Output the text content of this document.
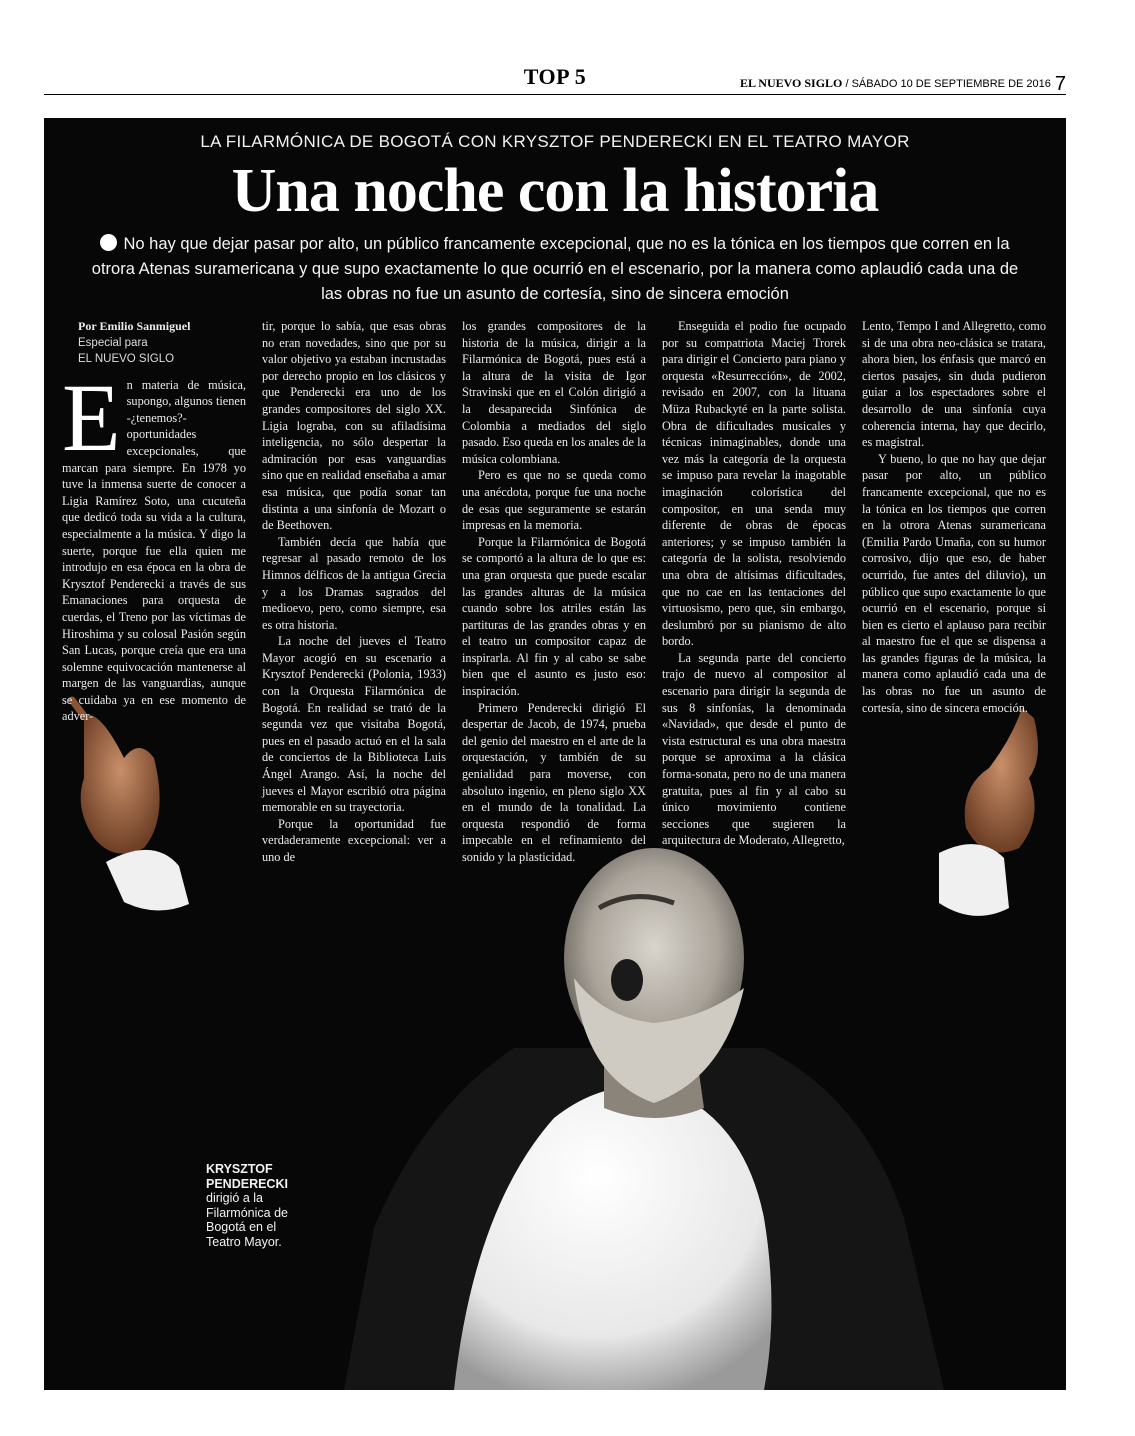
TOP 5	EL NUEVO SIGLO / SÁBADO 10 DE SEPTIEMBRE DE 2016 7
LA FILARMÓNICA DE BOGOTÁ CON KRYSZTOF PENDERECKI EN EL TEATRO MAYOR
Una noche con la historia
No hay que dejar pasar por alto, un público francamente excepcional, que no es la tónica en los tiempos que corren en la otrora Atenas suramericana y que supo exactamente lo que ocurrió en el escenario, por la manera como aplaudió cada una de las obras no fue un asunto de cortesía, sino de sincera emoción

Por Emilio Sanmiguel

Especial para

EL NUEVO SIGLO

En materia de música, supongo, algunos tienen -¿tenemos?- oportunidades excepcionales, que marcan para siempre. En 1978 yo tuve la inmensa suerte de conocer a Ligia Ramírez Soto, una cucuteña que dedicó toda su vida a la cultura, especialmente a la música. Y digo la suerte, porque fue ella quien me introdujo en esa época en la obra de Krysztof Penderecki a través de sus Emanaciones para orquesta de cuerdas, el Treno por las víctimas de Hiroshima y su colosal Pasión según San Lucas, porque creía que era una solemne equivocación mantenerse al margen de las vanguardias, aunque se cuidaba ya en ese momento de adver-

tir, porque lo sabía, que esas obras no eran novedades, sino que por su valor objetivo ya estaban incrustadas por derecho propio en los clásicos y que Penderecki era uno de los grandes compositores del siglo XX. Ligia lograba, con su afiladísima inteligencia, no sólo despertar la admiración por esas vanguardias sino que en realidad enseñaba a amar esa música, que podía sonar tan distinta a una sinfonía de Mozart o de Beethoven.

También decía que había que regresar al pasado remoto de los Himnos délficos de la antigua Grecia y a los Dramas sagrados del medioevo, pero, como siempre, esa es otra historia.

La noche del jueves el Teatro Mayor acogió en su escenario a Krysztof Penderecki (Polonia, 1933) con la Orquesta Filarmónica de Bogotá. En realidad se trató de la segunda vez que visitaba Bogotá, pues en el pasado actuó en el la sala de conciertos de la Biblioteca Luis Ángel Arango. Así, la noche del jueves el Mayor escribió otra página memorable en su trayectoria.

Porque la oportunidad fue verdaderamente excepcional: ver a uno de

los grandes compositores de la historia de la música, dirigir a la Filarmónica de Bogotá, pues está a la altura de la visita de Igor Stravinski que en el Colón dirigió a la desaparecida Sinfónica de Colombia a mediados del siglo pasado. Eso queda en los anales de la música colombiana.

Pero es que no se queda como una anécdota, porque fue una noche de esas que seguramente se estarán impresas en la memoria.

Porque la Filarmónica de Bogotá se comportó a la altura de lo que es: una gran orquesta que puede escalar las grandes alturas de la música cuando sobre los atriles están las partituras de las grandes obras y en el teatro un compositor capaz de inspirarla. Al fin y al cabo se sabe bien que el asunto es justo eso: inspiración.

Primero Penderecki dirigió El despertar de Jacob, de 1974, prueba del genio del maestro en el arte de la orquestación, y también de su genialidad para moverse, con absoluto ingenio, en pleno siglo XX en el mundo de la tonalidad. La orquesta respondió de forma impecable en el refinamiento del sonido y la plasticidad.

Enseguida el podio fue ocupado por su compatriota Maciej Trorek para dirigir el Concierto para piano y orquesta «Resurrección», de 2002, revisado en 2007, con la lituana Müza Rubackyté en la parte solista. Obra de dificultades musicales y técnicas inimaginables, donde una vez más la categoría de la orquesta se impuso para revelar la inagotable imaginación colorística del compositor, en una senda muy diferente de obras de épocas anteriores; y se impuso también la categoría de la solista, resolviendo una obra de altísimas dificultades, que no cae en las tentaciones del virtuosismo, pero que, sin embargo, deslumbró por su pianismo de alto bordo.

La segunda parte del concierto trajo de nuevo al compositor al escenario para dirigir la segunda de sus 8 sinfonías, la denominada «Navidad», que desde el punto de vista estructural es una obra maestra porque se aproxima a la clásica forma-sonata, pero no de una manera gratuita, pues al fin y al cabo su único movimiento contiene secciones que sugieren la arquitectura de Moderato, Allegretto,

Lento, Tempo I and Allegretto, como si de una obra neo-clásica se tratara, ahora bien, los énfasis que marcó en ciertos pasajes, sin duda pudieron guiar a los espectadores sobre el desarrollo de una sinfonía cuya coherencia interna, hay que decirlo, es magistral.

Y bueno, lo que no hay que dejar pasar por alto, un público francamente excepcional, que no es la tónica en los tiempos que corren en la otrora Atenas suramericana (Emilia Pardo Umaña, con su humor corrosivo, dijo que eso, de haber ocurrido, fue antes del diluvio), un público que supo exactamente lo que ocurrió en el escenario, porque si bien es cierto el aplauso para recibir al maestro fue el que se dispensa a las grandes figuras de la música, la manera como aplaudió cada una de las obras no fue un asunto de cortesía, sino de sincera emoción.

KRYSZTOF PENDERECKI
dirigió a la Filarmónica de Bogotá en el Teatro Mayor.
